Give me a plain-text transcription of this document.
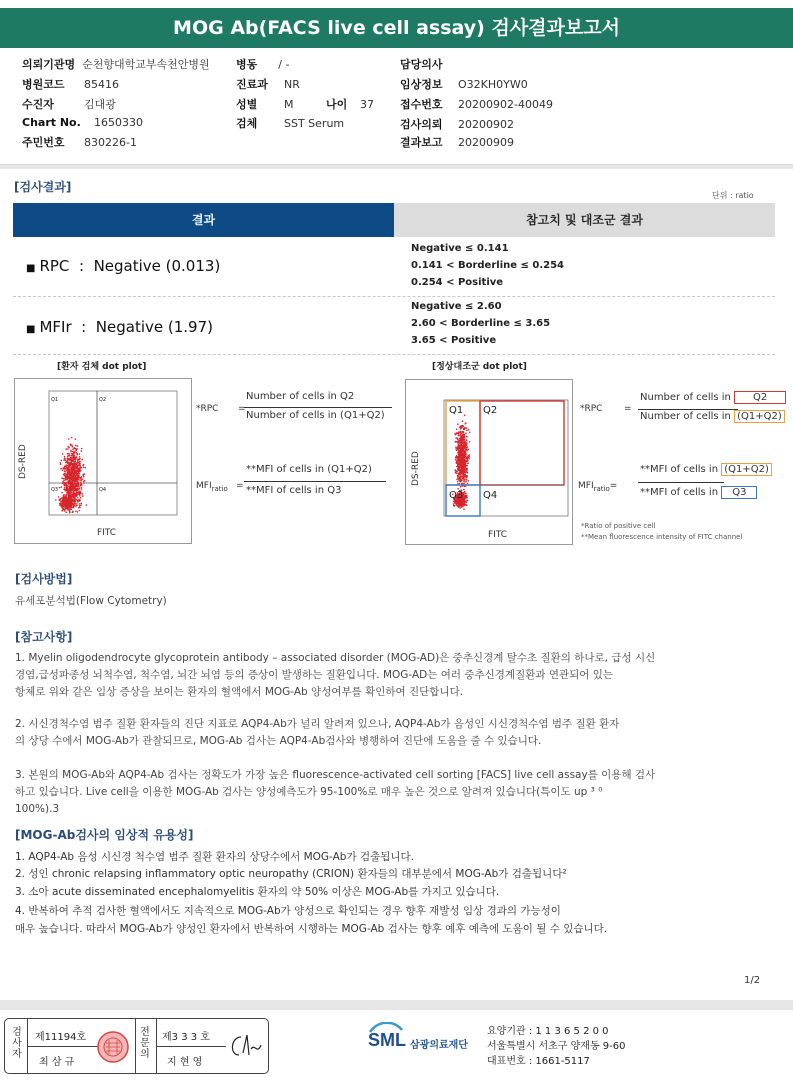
MOG Ab(FACS live cell assay) 검사결과보고서
의뢰기관명 순천향대학교부속천안병원
병원코드 85416
수진자	김대광
Chart No. 1650330
주민번호 830226-1
병동 / -
진료과 NR
성별 M	나이 37
검체 SST Serum
담당의사
임상정보 O32KH0YW0
접수번호 20200902-40049
검사의뢰 20200902
결과보고 20200909
[검사결과]
단위 : ratio
결과	참고치 및 대조군 결과
■ RPC : Negative (0.013)
Negative ≤ 0.141
0.141 < Borderline ≤ 0.254
0.254 < Positive
■ MFIr : Negative (1.97)
Negative ≤ 2.60
2.60 < Borderline ≤ 3.65
3.65 < Positive
[환자 검체 dot plot]
Q1	Q2
Q3	Q4
DS-RED
FITC
*RPC =
Number of cells in Q2
Number of cells in (Q1+Q2)
$MFI_{ratio}$ =
**MFI of cells in (Q1+Q2)
**MFI of cells in Q3
[정상대조군 dot plot]
Q1 Q2
Q3 Q4
DS-RED
FITC
*RPC =
Number of cells in Q2
Number of cells in (Q1+Q2)
$MFI_{ratio}=$
**MFI of cells in (Q1+Q2)
**MFI of cells in Q3
*Ratio of positive cell
**Mean fluorescence intensity of FITC channel
[검사방법]
유세포분석법(Flow Cytometry)
[참고사항]
1. Myelin oligodendrocyte glycoprotein antibody – associated disorder (MOG-AD)은 중추신경계 탈수초 질환의 하나로, 급성 시신
경염,급성파종성 뇌척수염, 척수염, 뇌간 뇌염 등의 증상이 발생하는 질환입니다. MOG-AD는 여러 중추신경계질환과 연관되어 있는
항체로 위와 같은 임상 증상을 보이는 환자의 혈액에서 MOG-Ab 양성여부를 확인하여 진단합니다.
2. 시신경척수염 범주 질환 환자들의 진단 지표로 AQP4-Ab가 널리 알려져 있으나, AQP4-Ab가 음성인 시신경척수염 범주 질환 환자
의 상당 수에서 MOG-Ab가 관찰되므로, MOG-Ab 검사는 AQP4-Ab검사와 병행하여 진단에 도움을 줄 수 있습니다.
3. 본원의 MOG-Ab와 AQP4-Ab 검사는 정확도가 가장 높은 fluorescence-activated cell sorting [FACS] live cell assay를 이용해 검사
하고 있습니다. Live cell을 이용한 MOG-Ab 검사는 양성예측도가 95-100%로 매우 높은 것으로 알려져 있습니다(특이도 up ³ ⁰
100%).3
[MOG-Ab검사의 임상적 유용성]
1. AQP4-Ab 음성 시신경 척수염 범주 질환 환자의 상당수에서 MOG-Ab가 검출됩니다.
2. 성인 chronic relapsing inflammatory optic neuropathy (CRION) 환자들의 대부분에서 MOG-Ab가 검출됩니다²
3. 소아 acute disseminated encephalomyelitis 환자의 약 50% 이상은 MOG-Ab를 가지고 있습니다.
4. 반복하여 추적 검사한 혈액에서도 지속적으로 MOG-Ab가 양성으로 확인되는 경우 향후 재발성 임상 경과의 가능성이
매우 높습니다. 따라서 MOG-Ab가 양성인 환자에서 반복하여 시행하는 MOG-Ab 검사는 향후 예후 예측에 도움이 될 수 있습니다.
1/2
검
사
자
제11194호
최 삼 규
전
문
의
제3 3 3 호
지 현 영
SML 삼광의료재단
요양기관 : 1 1 3 6 5 2 0 0
서울특별시 서초구 양재동 9-60
대표번호 : 1661-5117
